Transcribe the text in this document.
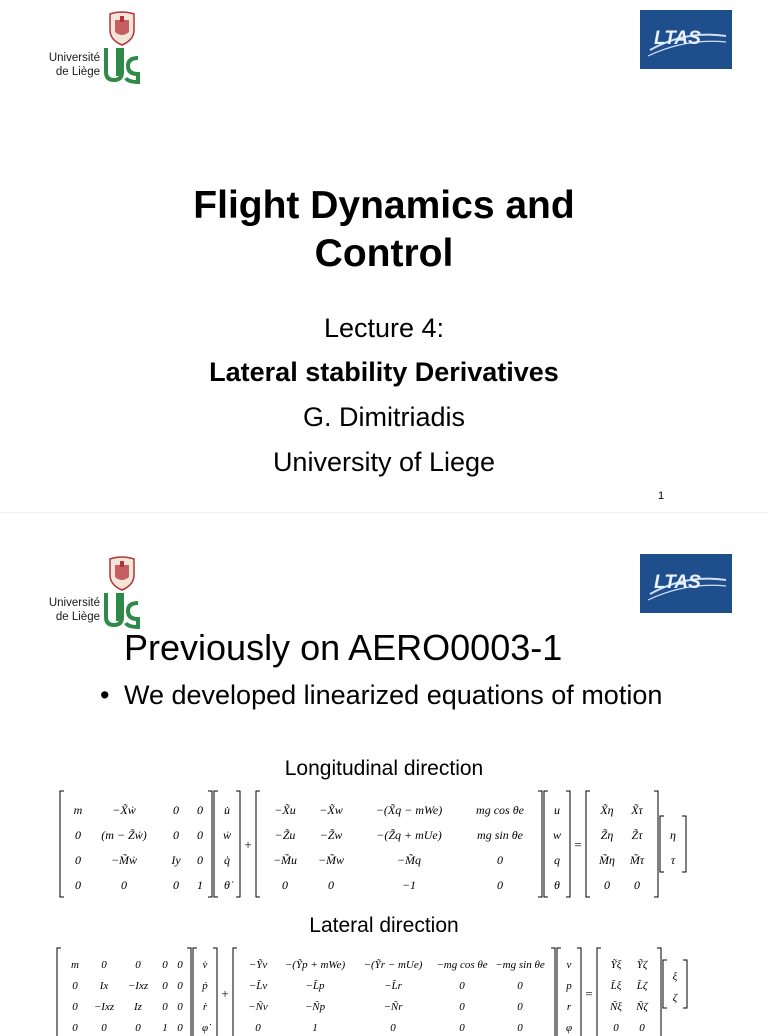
Université
de Liège
LTAS
Flight Dynamics and
Control
Lecture 4:
Lateral stability Derivatives
G. Dimitriadis
University of Liege
1
Université
de Liège
LTAS
Previously on AERO0003-1
• We developed linearized equations of motion
Longitudinal direction
m −X̃ẇ	0 0
0 (m − Z̃ẇ) 0 0
0 −M̃ẇ	Iy 0
0	0	0 1
u̇
ẇ
q̇
θ̇
+
−X̃u −X̃w	−(X̃q − mWe)	mg cos θe
−Z̃u −Z̃w	−(Z̃q + mUe)	mg sin θe
−M̃u −M̃w	−M̃q	0
0	0	−1	0
u
w
q
θ
=
X̃η X̃τ
Z̃η Z̃τ
M̃η M̃τ
0 0
η
τ
Lateral direction
m 0	0 0 0
0 Ix −Ixz 0 0
0 −Ixz Iz 0 0
0 0	0 1 0
v̇
ṗ
ṙ
φ̇
+
−Ỹv −(Ỹp + mWe) −(Ỹr − mUe) −mg cos θe −mg sin θe
−L̃v	−L̃p	−L̃r	0	0
−Ñv	−Ñp	−Ñr	0	0
0	1	0	0	0
v
p
r
φ
=
Ỹξ Ỹζ
L̃ξ L̃ζ
Ñξ Ñζ
0 0
ξ
ζ
